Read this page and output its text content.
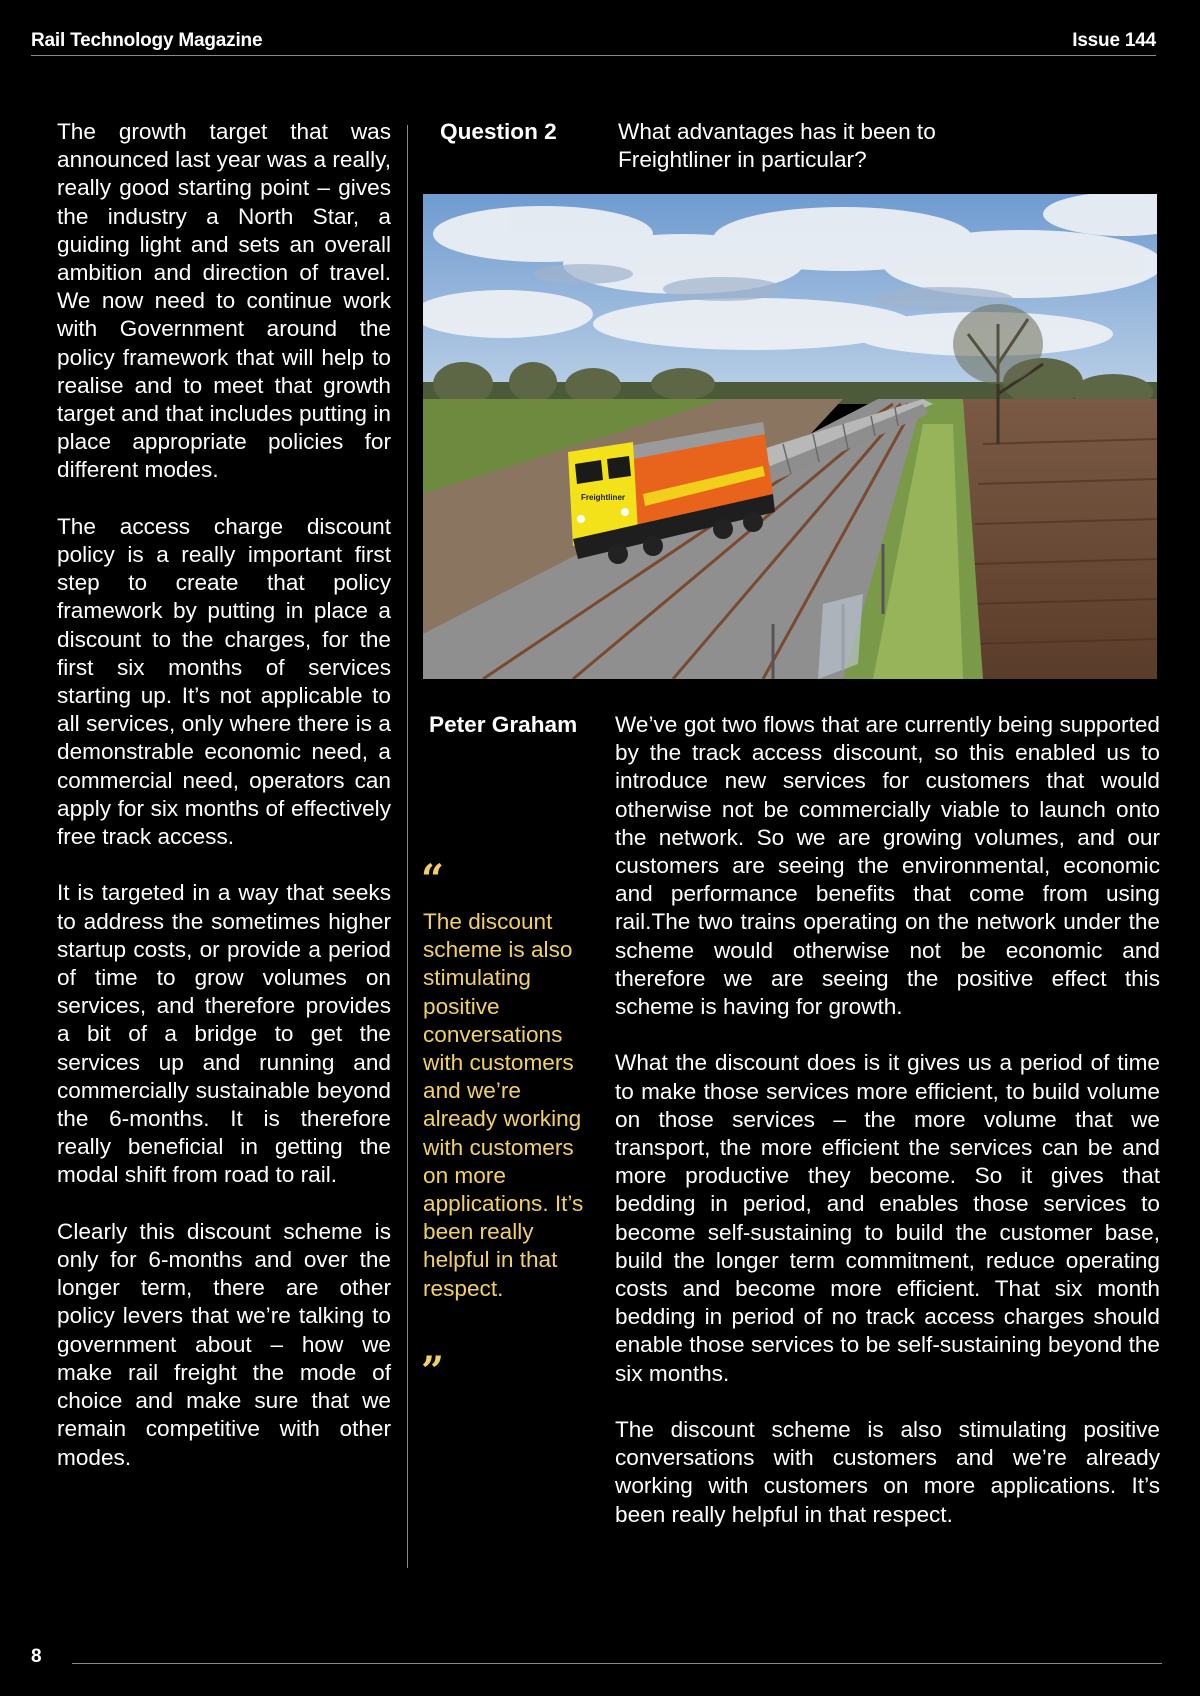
Rail Technology Magazine	Issue 144

The growth target that was announced last year was a really, really good starting point – gives the industry a North Star, a guiding light and sets an overall ambition and direction of travel. We now need to continue work with Government around the policy framework that will help to realise and to meet that growth target and that includes putting in place appropriate policies for different modes.

The access charge discount policy is a really important first step to create that policy framework by putting in place a discount to the charges, for the first six months of services starting up. It’s not applicable to all services, only where there is a demonstrable economic need, a commercial need, operators can apply for six months of effectively free track access.

It is targeted in a way that seeks to address the sometimes higher startup costs, or provide a period of time to grow volumes on services, and therefore provides a bit of a bridge to get the services up and running and commercially sustainable beyond the 6-months. It is therefore really beneficial in getting the modal shift from road to rail.

Clearly this discount scheme is only for 6-months and over the longer term, there are other policy levers that we’re talking to government about – how we make rail freight the mode of choice and make sure that we remain competitive with other modes.

Question 2	What advantages has it been to Freightliner in particular?
Freightliner
Peter Graham
“
The discount scheme is also stimulating positive conversations with customers and we’re already working with customers on more applications. It’s been really helpful in that respect.
”

We’ve got two flows that are currently being supported by the track access discount, so this enabled us to introduce new services for customers that would otherwise not be commercially viable to launch onto the network. So we are growing volumes, and our customers are seeing the environmental, economic and performance benefits that come from using rail.The two trains operating on the network under the scheme would otherwise not be economic and therefore we are seeing the positive effect this scheme is having for growth.

What the discount does is it gives us a period of time to make those services more efficient, to build volume on those services – the more volume that we transport, the more efficient the services can be and more productive they become. So it gives that bedding in period, and enables those services to become self-sustaining to build the customer base, build the longer term commitment, reduce operating costs and become more efficient. That six month bedding in period of no track access charges should enable those services to be self-sustaining beyond the six months.

The discount scheme is also stimulating positive conversations with customers and we’re already working with customers on more applications. It’s been really helpful in that respect.

8
